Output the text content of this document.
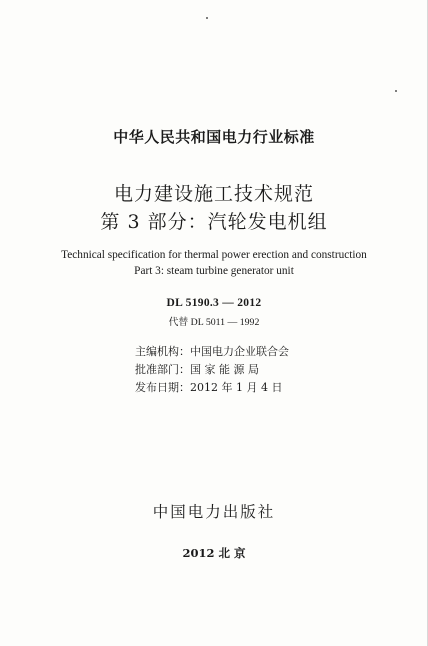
中华人民共和国电力行业标准
电力建设施工技术规范
第 3 部分：汽轮发电机组
Technical specification for thermal power erection and construction
Part 3: steam turbine generator unit
DL 5190.3 — 2012
代替 DL 5011 — 1992
主编机构：中国电力企业联合会
批准部门：国 家 能 源 局
发布日期：2012 年 1 月 4 日
中国电力出版社
2012 北 京
